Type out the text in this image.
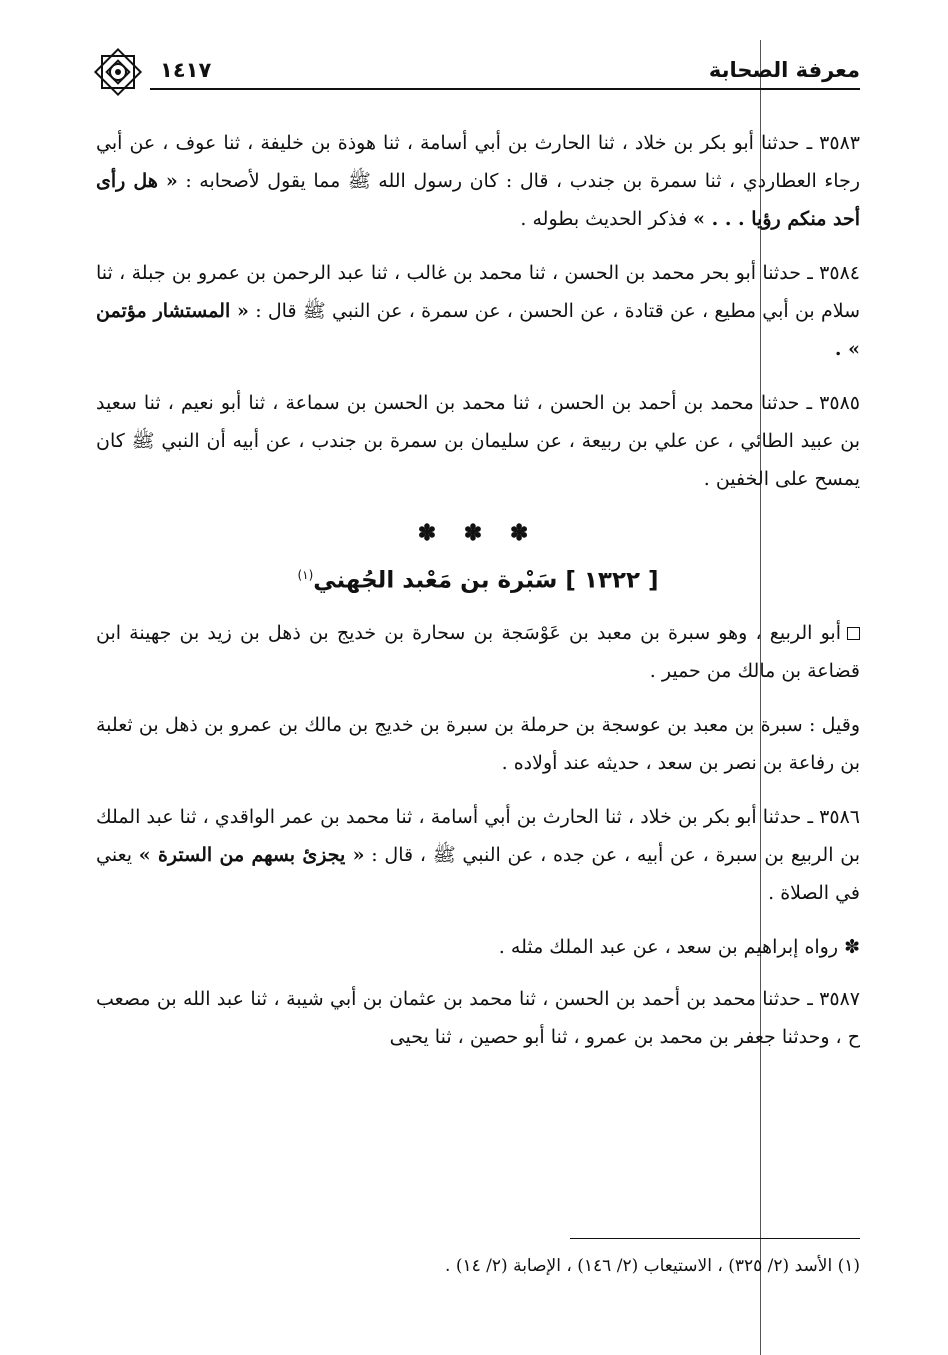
١٤١٧	معرفة الصحابة

٣٥٨٣ ـ حدثنا أبو بكر بن خلاد ، ثنا الحارث بن أبي أسامة ، ثنا هوذة بن خليفة ، ثنا عوف ، عن أبي رجاء العطاردي ، ثنا سمرة بن جندب ، قال : كان رسول الله ﷺ مما يقول لأصحابه : « هل رأى أحد منكم رؤيا . . . » فذكر الحديث بطوله .

٣٥٨٤ ـ حدثنا أبو بحر محمد بن الحسن ، ثنا محمد بن غالب ، ثنا عبد الرحمن بن عمرو بن جبلة ، ثنا سلام بن أبي مطيع ، عن قتادة ، عن الحسن ، عن سمرة ، عن النبي ﷺ قال : « المستشار مؤتمن » .

٣٥٨٥ ـ حدثنا محمد بن أحمد بن الحسن ، ثنا محمد بن الحسن بن سماعة ، ثنا أبو نعيم ، ثنا سعيد بن عبيد الطائي ، عن علي بن ربيعة ، عن سليمان بن سمرة بن جندب ، عن أبيه أن النبي ﷺ كان يمسح على الخفين .

✽ ✽ ✽
[ ١٣٢٢ ] سَبْرة بن مَعْبد الجُهني$^{(١)}$

أبو الربيع ، وهو سبرة بن معبد بن عَوْسَجة بن سحارة بن خديج بن ذهل بن زيد بن جهينة ابن قضاعة بن مالك من حمير .

وقيل : سبرة بن معبد بن عوسجة بن حرملة بن سبرة بن خديج بن مالك بن عمرو بن ذهل بن ثعلبة بن رفاعة بن نصر بن سعد ، حديثه عند أولاده .

٣٥٨٦ ـ حدثنا أبو بكر بن خلاد ، ثنا الحارث بن أبي أسامة ، ثنا محمد بن عمر الواقدي ، ثنا عبد الملك بن الربيع بن سبرة ، عن أبيه ، عن جده ، عن النبي ﷺ ، قال : « يجزئ بسهم من السترة » يعني في الصلاة .

✽ رواه إبراهيم بن سعد ، عن عبد الملك مثله .

٣٥٨٧ ـ حدثنا محمد بن أحمد بن الحسن ، ثنا محمد بن عثمان بن أبي شيبة ، ثنا عبد الله بن مصعب ح ، وحدثنا جعفر بن محمد بن عمرو ، ثنا أبو حصين ، ثنا يحيى

(١) الأسد (٢/ ٣٢٥) ، الاستيعاب (٢/ ١٤٦) ، الإصابة (٢/ ١٤) .
